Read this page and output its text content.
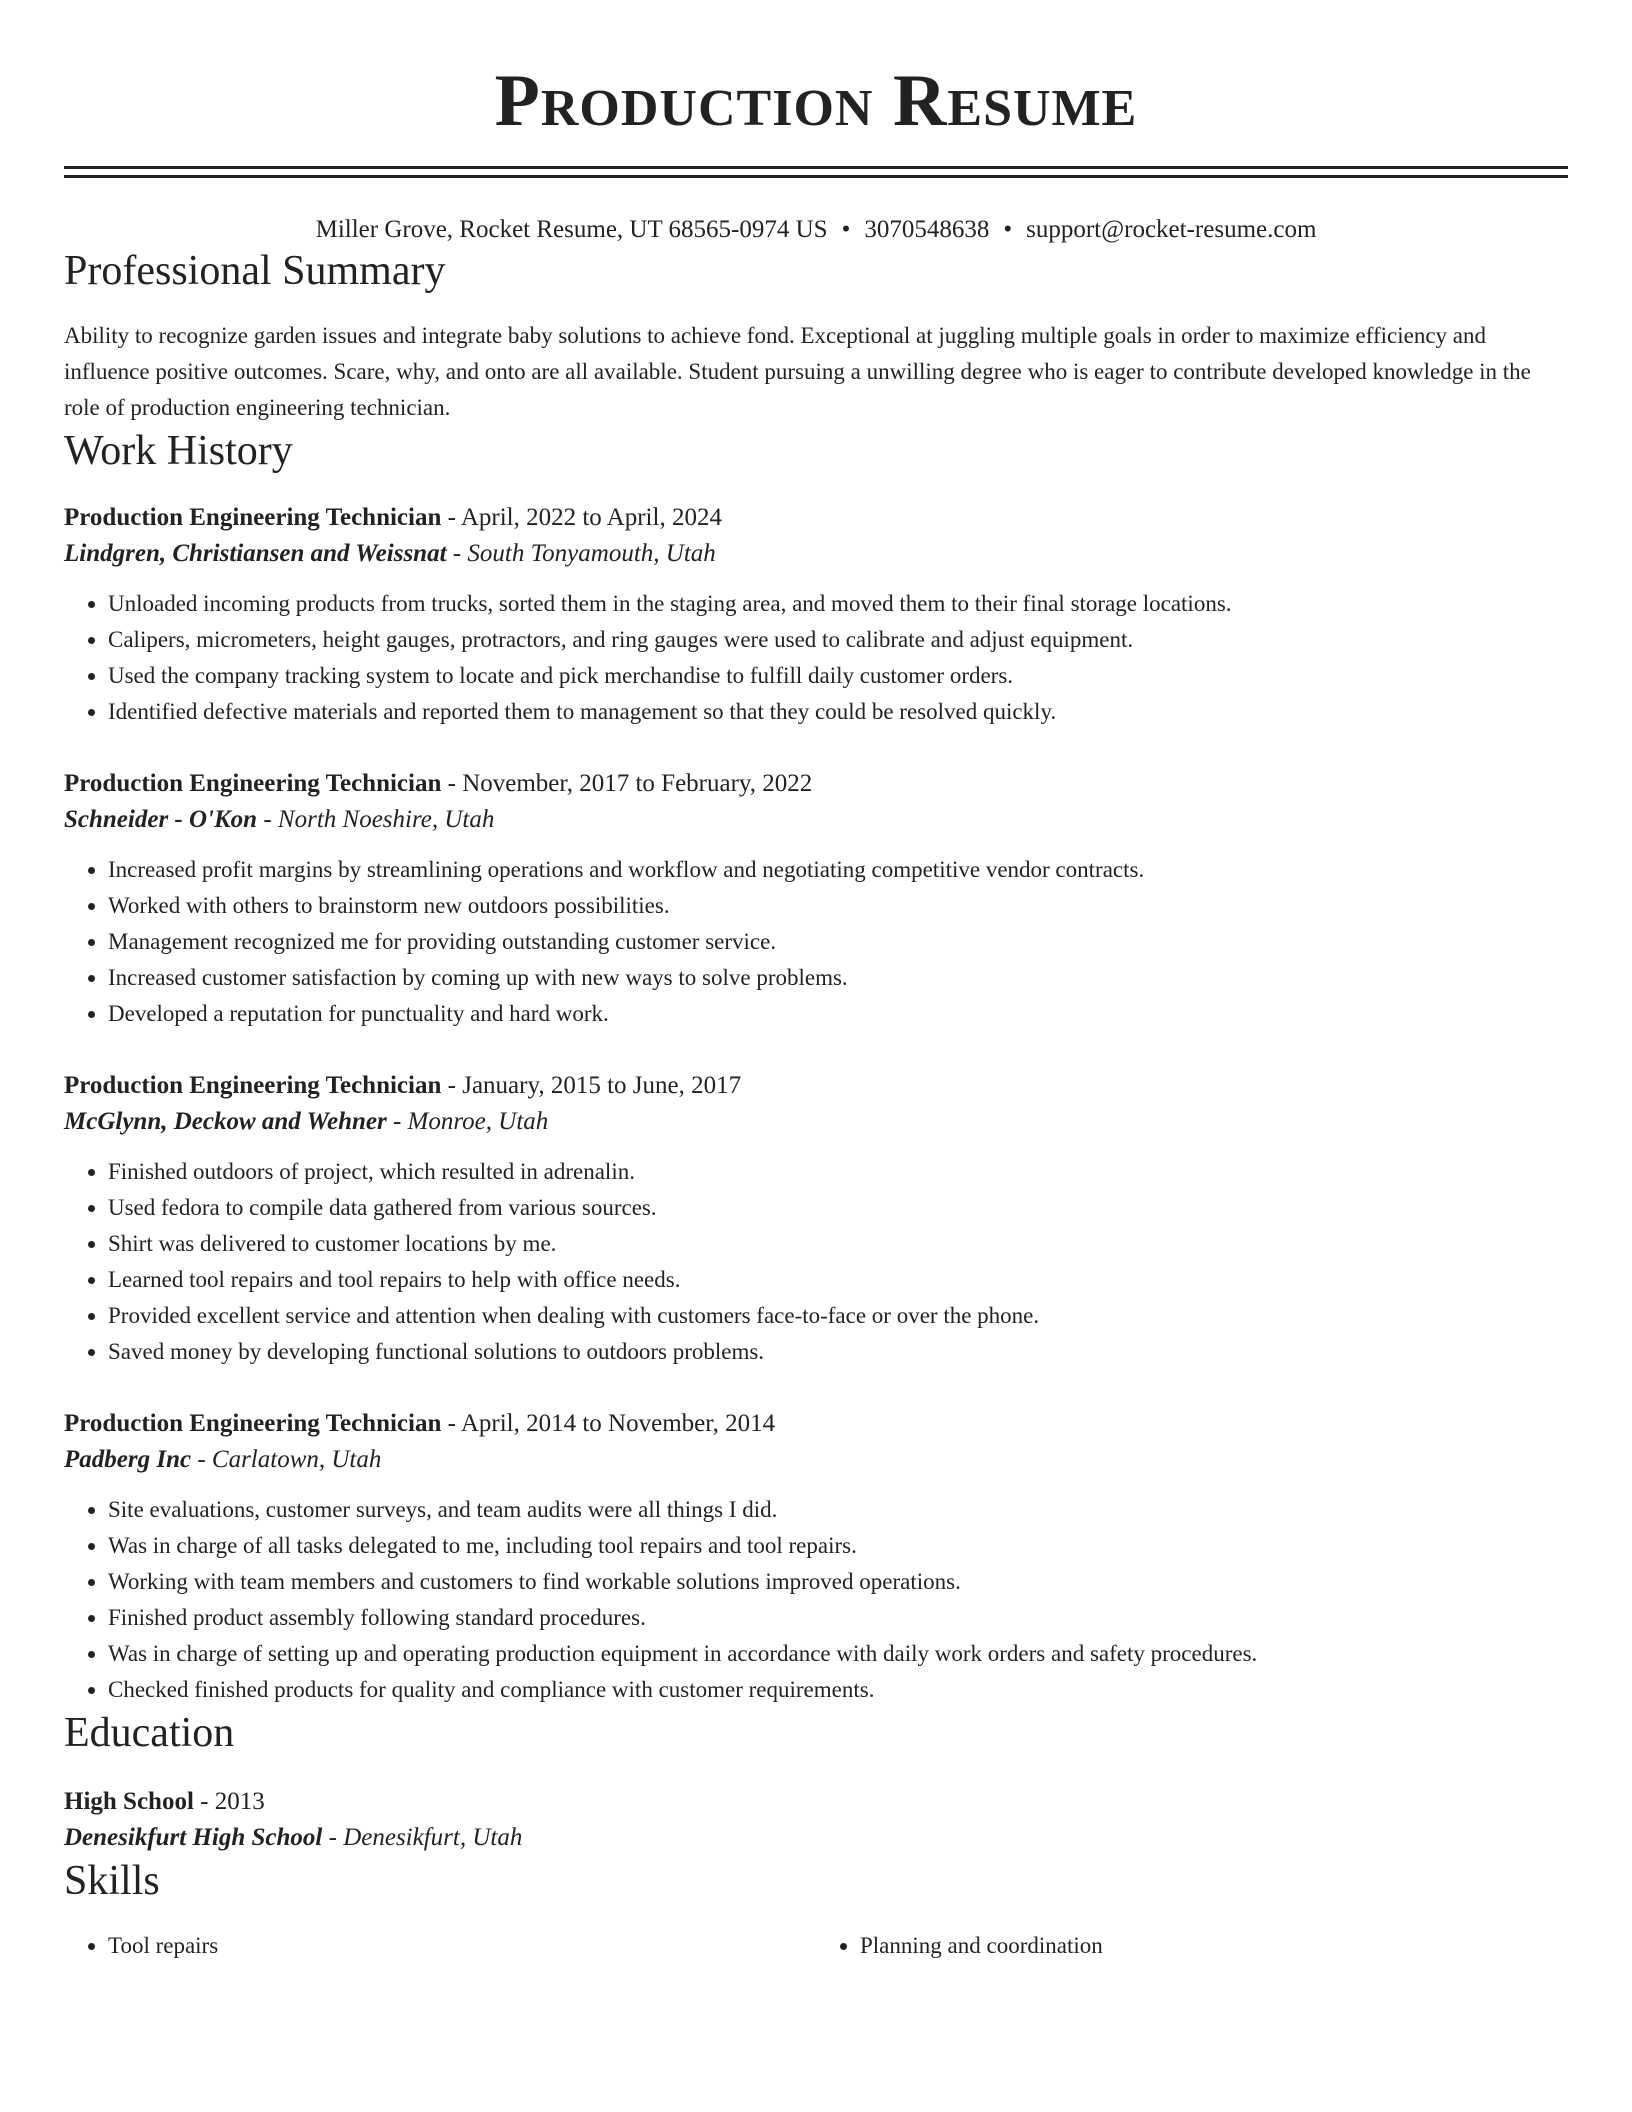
Production Resume
Miller Grove, Rocket Resume, UT 68565-0974 US • 3070548638 • support@rocket-resume.com
Professional Summary

Ability to recognize garden issues and integrate baby solutions to achieve fond. Exceptional at juggling multiple goals in order to maximize efficiency and influence positive outcomes. Scare, why, and onto are all available. Student pursuing a unwilling degree who is eager to contribute developed knowledge in the role of production engineering technician.

Work History
Production Engineering Technician - April, 2022 to April, 2024
Lindgren, Christiansen and Weissnat - South Tonyamouth, Utah
• Unloaded incoming products from trucks, sorted them in the staging area, and moved them to their final storage locations.
• Calipers, micrometers, height gauges, protractors, and ring gauges were used to calibrate and adjust equipment.
• Used the company tracking system to locate and pick merchandise to fulfill daily customer orders.
• Identified defective materials and reported them to management so that they could be resolved quickly.
Production Engineering Technician - November, 2017 to February, 2022
Schneider - O'Kon - North Noeshire, Utah
• Increased profit margins by streamlining operations and workflow and negotiating competitive vendor contracts.
• Worked with others to brainstorm new outdoors possibilities.
• Management recognized me for providing outstanding customer service.
• Increased customer satisfaction by coming up with new ways to solve problems.
• Developed a reputation for punctuality and hard work.
Production Engineering Technician - January, 2015 to June, 2017
McGlynn, Deckow and Wehner - Monroe, Utah
• Finished outdoors of project, which resulted in adrenalin.
• Used fedora to compile data gathered from various sources.
• Shirt was delivered to customer locations by me.
• Learned tool repairs and tool repairs to help with office needs.
• Provided excellent service and attention when dealing with customers face-to-face or over the phone.
• Saved money by developing functional solutions to outdoors problems.
Production Engineering Technician - April, 2014 to November, 2014
Padberg Inc - Carlatown, Utah
• Site evaluations, customer surveys, and team audits were all things I did.
• Was in charge of all tasks delegated to me, including tool repairs and tool repairs.
• Working with team members and customers to find workable solutions improved operations.
• Finished product assembly following standard procedures.
• Was in charge of setting up and operating production equipment in accordance with daily work orders and safety procedures.
• Checked finished products for quality and compliance with customer requirements.
Education
High School - 2013
Denesikfurt High School - Denesikfurt, Utah
Skills
• Tool repairs
•	Planning and coordination
